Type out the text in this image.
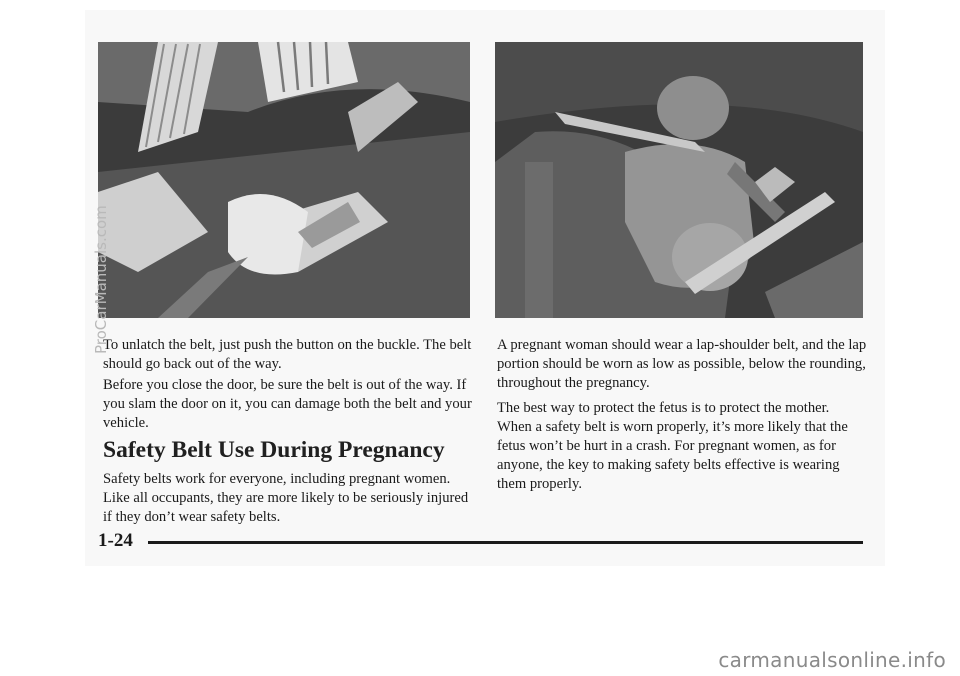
ProCarManuals.com

To unlatch the belt, just push the button on the buckle. The belt should go back out of the way.

Before you close the door, be sure the belt is out of the way. If you slam the door on it, you can damage both the belt and your vehicle.

Safety Belt Use During Pregnancy

Safety belts work for everyone, including pregnant women. Like all occupants, they are more likely to be seriously injured if they don’t wear safety belts.

A pregnant woman should wear a lap-shoulder belt, and the lap portion should be worn as low as possible, below the rounding, throughout the pregnancy.

The best way to protect the fetus is to protect the mother. When a safety belt is worn properly, it’s more likely that the fetus won’t be hurt in a crash. For pregnant women, as for anyone, the key to making safety belts effective is wearing them properly.

1-24
carmanualsonline.info
